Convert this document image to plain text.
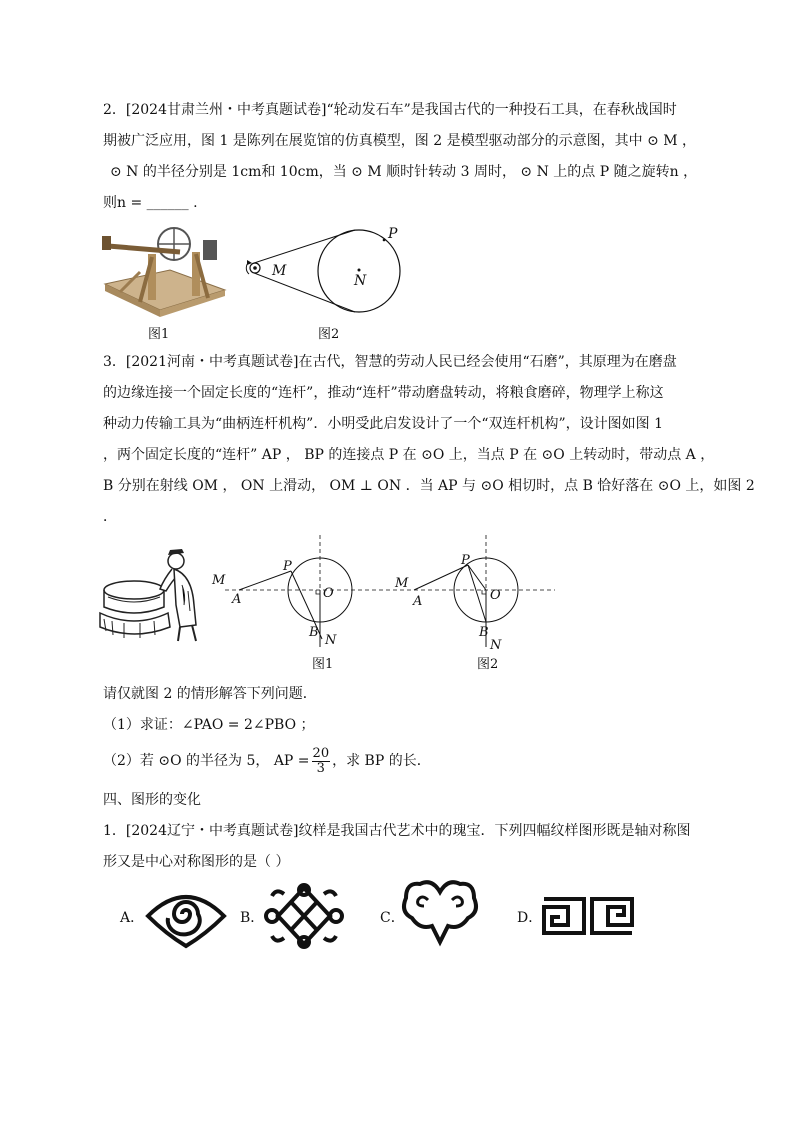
2．[2024甘肃兰州・中考真题试卷]“轮动发石车”是我国古代的一种投石工具，在春秋战国时
期被广泛应用，图 1 是陈列在展览馆的仿真模型，图 2 是模型驱动部分的示意图，其中 ⊙ M ，
⊙ N 的半径分别是 1cm和 10cm，当 ⊙ M 顺时针转动 3 周时， ⊙ N 上的点 P 随之旋转n ，
则n = ______ .
图1
M
N
P
图2
3．[2021河南・中考真题试卷]在古代，智慧的劳动人民已经会使用“石磨”，其原理为在磨盘
的边缘连接一个固定长度的“连杆”，推动“连杆”带动磨盘转动，将粮食磨碎，物理学上称这
种动力传输工具为“曲柄连杆机构”．小明受此启发设计了一个“双连杆机构”，设计图如图 1
，两个固定长度的“连杆” AP ， BP 的连接点 P 在 ⊙O 上，当点 P 在 ⊙O 上转动时，带动点 A ，
B 分别在射线 OM ， ON 上滑动， OM ⊥ ON ．当 AP 与 ⊙O 相切时，点 B 恰好落在 ⊙O 上，如图 2
．
M
A
P
O
B
N
图1
M
A
P
O
B
N
图2
请仅就图 2 的情形解答下列问题．
（1）求证：∠PAO = 2∠PBO ；
（2）若 ⊙O 的半径为 5， AP = $\frac{20}{3}$ ，求 BP 的长．
四、图形的变化
1．[2024辽宁・中考真题试卷]纹样是我国古代艺术中的瑰宝．下列四幅纹样图形既是轴对称图
形又是中心对称图形的是（ ）
A．	B．	C．	D．
